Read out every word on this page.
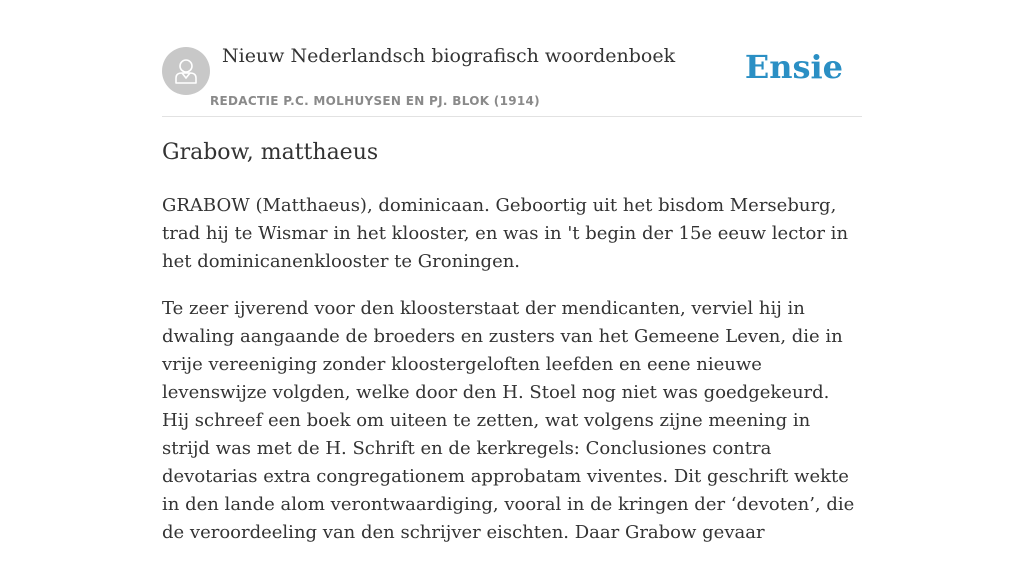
Nieuw Nederlandsch biografisch woordenboek
REDACTIE P.C. MOLHUYSEN EN PJ. BLOK (1914)
Ensie
Grabow, matthaeus

GRABOW (Matthaeus), dominicaan. Geboortig uit het bisdom Merseburg, trad hij te Wismar in het klooster, en was in 't begin der 15e eeuw lector in het dominicanenklooster te Groningen.

Te zeer ijverend voor den kloosterstaat der mendicanten, verviel hij in dwaling aangaande de broeders en zusters van het Gemeene Leven, die in vrije vereeniging zonder kloostergeloften leefden en eene nieuwe levenswijze volgden, welke door den H. Stoel nog niet was goedgekeurd. Hij schreef een boek om uiteen te zetten, wat volgens zijne meening in strijd was met de H. Schrift en de kerkregels: Conclusiones contra devotarias extra congregationem approbatam viventes. Dit geschrift wekte in den lande alom verontwaardiging, vooral in de kringen der ‘devoten’, die de veroordeeling van den schrijver eischten. Daar Grabow gevaar
